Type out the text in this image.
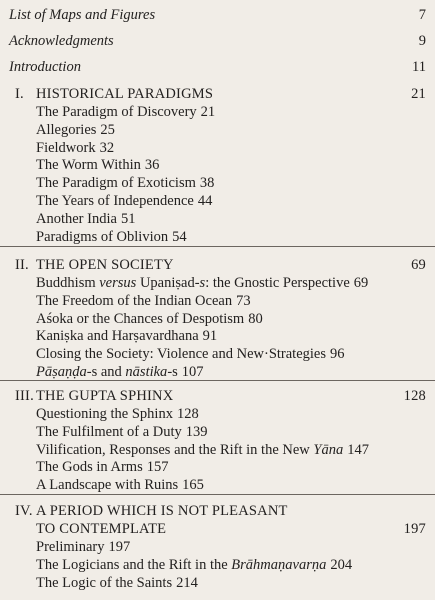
List of Maps and Figures	7
Acknowledgments	9
Introduction	11
I. HISTORICAL PARADIGMS	21
The Paradigm of Discovery 21
Allegories 25
Fieldwork 32
The Worm Within 36
The Paradigm of Exoticism 38
The Years of Independence 44
Another India 51
Paradigms of Oblivion 54
II. THE OPEN SOCIETY	69
Buddhism versus Upaniṣad-s: the Gnostic Perspective 69
The Freedom of the Indian Ocean 73
Aśoka or the Chances of Despotism 80
Kaniṣka and Harṣavardhana 91
Closing the Society: Violence and New·Strategies 96
Pāṣaṇḍa-s and nāstika-s 107
III. THE GUPTA SPHINX	128
Questioning the Sphinx 128
The Fulfilment of a Duty 139
Vilification, Responses and the Rift in the New Yāna 147
The Gods in Arms 157
A Landscape with Ruins 165
IV. A PERIOD WHICH IS NOT PLEASANT
TO CONTEMPLATE	197
Preliminary 197
The Logicians and the Rift in the Brāhmaṇavarṇa 204
The Logic of the Saints 214
